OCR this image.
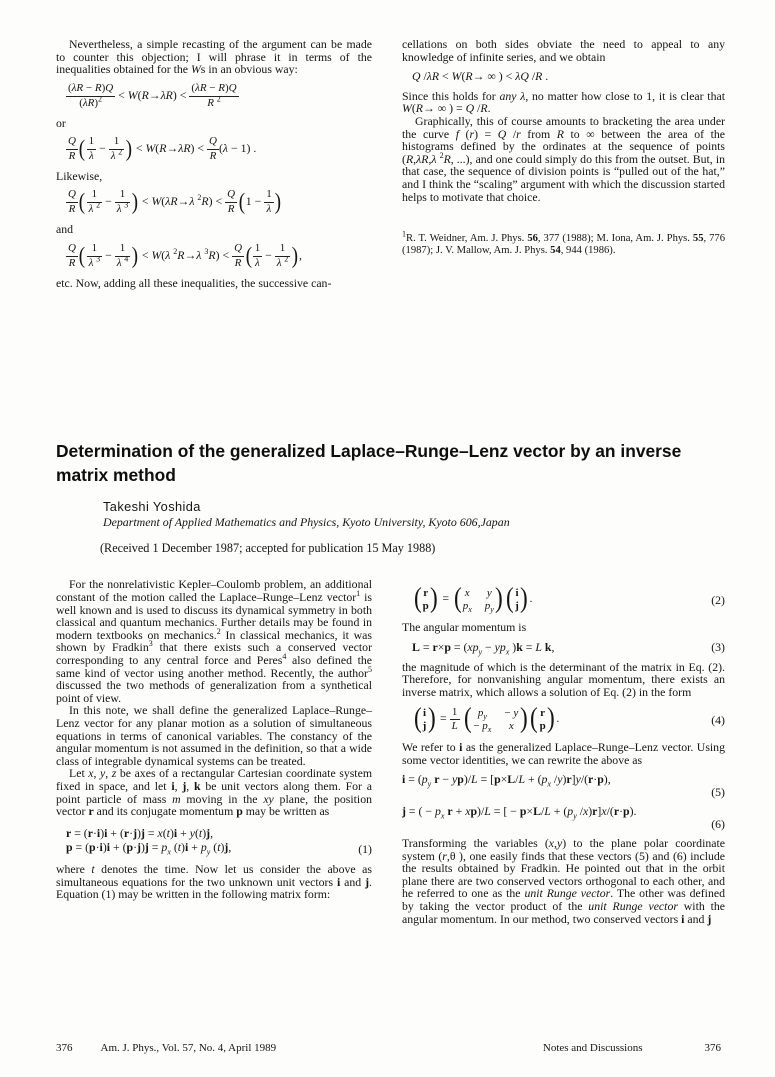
Nevertheless, a simple recasting of the argument can be made to counter this objection; I will phrase it in terms of the inequalities obtained for the Ws in an obvious way:

$\frac{(\lambda R - R)Q}{(\lambda R)^2} < W(R\to\lambda R) < \frac{(\lambda R - R)Q}{R ^2}$

or

$\frac{Q}{R}$ ( $\frac{1}{\lambda} - \frac{1}{\lambda ^2}$ ) < $W(R\to\lambda R) < \frac{Q}{R} (\lambda - 1)$ .

Likewise,

$\frac{Q}{R}$ ( $\frac{1}{\lambda ^2} - \frac{1}{\lambda ^3}$ ) < W(λR→λ $^2R) < \frac{Q}{R} (1 - \frac{1}{\lambda}$ )

and

$\frac{Q}{R}$ ( $\frac{1}{\lambda ^3} - \frac{1}{\lambda ^4}$ ) < W(λ $^2$R→λ $^3R) < \frac{Q}{R}$ ( $\frac{1}{\lambda} - \frac{1}{\lambda ^2}$ ),

etc. Now, adding all these inequalities, the successive can-

cellations on both sides obviate the need to appeal to any knowledge of infinite series, and we obtain

Q /λR < W(R→ ∞ ) < λQ /R .

Since this holds for any λ, no matter how close to 1, it is clear that W(R→ ∞ ) = Q /R.

Graphically, this of course amounts to bracketing the area under the curve f (r) = Q /r from R to ∞ between the area of the histograms defined by the ordinates at the sequence of points (R,λR,λ $^2$R, ...), and one could simply do this from the outset. But, in that case, the sequence of division points is “pulled out of the hat,” and I think the “scaling” argument with which the discussion started helps to motivate that choice.

$^1$R. T. Weidner, Am. J. Phys. 56, 377 (1988); M. Iona, Am. J. Phys. 55, 776 (1987); J. V. Mallow, Am. J. Phys. 54, 944 (1986).

Determination of the generalized Laplace–Runge–Lenz vector by an inverse matrix method
Takeshi Yoshida
Department of Applied Mathematics and Physics, Kyoto University, Kyoto 606,Japan
(Received 1 December 1987; accepted for publication 15 May 1988)

For the nonrelativistic Kepler–Coulomb problem, an additional constant of the motion called the Laplace–Runge–Lenz vector$^1$ is well known and is used to discuss its dynamical symmetry in both classical and quantum mechanics. Further details may be found in modern textbooks on mechanics.$^2$ In classical mechanics, it was shown by Fradkin$^3$ that there exists such a conserved vector corresponding to any central force and Peres$^4$ also defined the same kind of vector using another method. Recently, the author$^5$ discussed the two methods of generalization from a synthetical point of view.

In this note, we shall define the generalized Laplace–Runge–Lenz vector for any planar motion as a solution of simultaneous equations in terms of canonical variables. The constancy of the angular momentum is not assumed in the definition, so that a wide class of integrable dynamical systems can be treated.

Let x, y, z be axes of a rectangular Cartesian coordinate system fixed in space, and let i, j, k be unit vectors along them. For a point particle of mass m moving in the xy plane, the position vector r and its conjugate momentum p may be written as

r = (r·i)i + (r·j)j = x(t)i + y(t)j,
$p = (p\cdot i)i + (p\cdot j)j = p_x$ $(t)i + p_y$ (t)j,	(1)

where t denotes the time. Now let us consider the above as simultaneous equations for the two unknown unit vectors i and j. Equation (1) may be written in the following matrix form:

( r
p ) = ( x y
$p_x$ $p_y$ ) ( i
j ).	(2)

The angular momentum is

$L = r\times p = (xp_y - yp_x$ )k = L k,	(3)

the magnitude of which is the determinant of the matrix in Eq. (2). Therefore, for nonvanishing angular momentum, there exists an inverse matrix, which allows a solution of Eq. (2) in the form

( i
j ) = $\frac{1}{L}$ ( $p_y - y$
− $p_x$ x ) ( r
p ).	(4)

We refer to i as the generalized Laplace–Runge–Lenz vector. Using some vector identities, we can rewrite the above as

$i = (p_y$ $r - yp)/L = [p\times L/L + (p_x$ /y)r]y/(r·p),
(5)
j = ( − $p_x$ r + xp)/L = [ − $p\times L/L + (p_y$ /x)r]x/(r·p).
(6)

Transforming the variables (x,y) to the plane polar coordinate system (r,θ ), one easily finds that these vectors (5) and (6) include the results obtained by Fradkin. He pointed out that in the orbit plane there are two conserved vectors orthogonal to each other, and he referred to one as the unit Runge vector. The other was defined by taking the vector product of the unit Runge vector with the angular momentum. In our method, two conserved vectors i and j

376	Am. J. Phys., Vol. 57, No. 4, April 1989	Notes and Discussions	376
